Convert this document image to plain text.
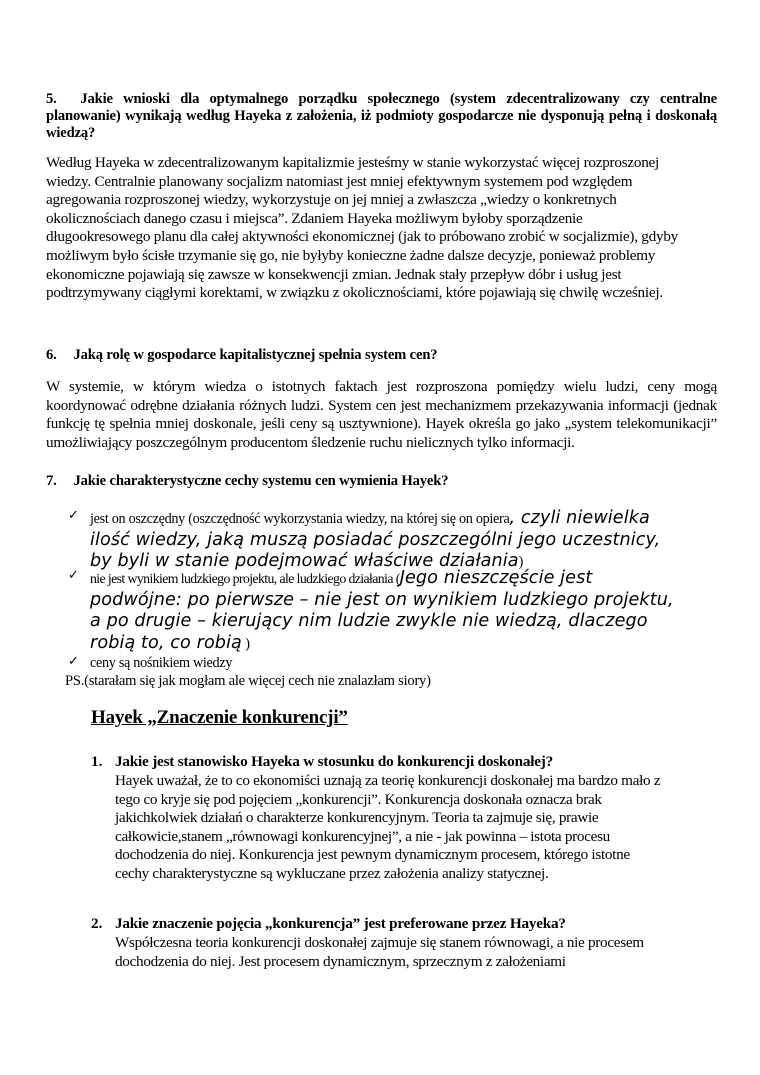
5. Jakie wnioski dla optymalnego porządku społecznego (system zdecentralizowany czy centralne planowanie) wynikają według Hayeka z założenia, iż podmioty gospodarcze nie dysponują pełną i doskonałą wiedzą?
Według Hayeka w zdecentralizowanym kapitalizmie jesteśmy w stanie wykorzystać więcej rozproszonej wiedzy. Centralnie planowany socjalizm natomiast jest mniej efektywnym systemem pod względem agregowania rozproszonej wiedzy, wykorzystuje on jej mniej a zwłaszcza „wiedzy o konkretnych okolicznościach danego czasu i miejsca”. Zdaniem Hayeka możliwym byłoby sporządzenie długookresowego planu dla całej aktywności ekonomicznej (jak to próbowano zrobić w socjalizmie), gdyby możliwym było ścisłe trzymanie się go, nie byłyby konieczne żadne dalsze decyzje, ponieważ problemy ekonomiczne pojawiają się zawsze w konsekwencji zmian. Jednak stały przepływ dóbr i usług jest podtrzymywany ciągłymi korektami, w związku z okolicznościami, które pojawiają się chwilę wcześniej.
6. Jaką rolę w gospodarce kapitalistycznej spełnia system cen?
W systemie, w którym wiedza o istotnych faktach jest rozproszona pomiędzy wielu ludzi, ceny mogą koordynować odrębne działania różnych ludzi. System cen jest mechanizmem przekazywania informacji (jednak funkcję tę spełnia mniej doskonale, jeśli ceny są usztywnione). Hayek określa go jako „system telekomunikacji” umożliwiający poszczególnym producentom śledzenie ruchu nielicznych tylko informacji.
7. Jakie charakterystyczne cechy systemu cen wymienia Hayek?
✓ jest on oszczędny (oszczędność wykorzystania wiedzy, na której się on opiera, czyli niewielka ilość wiedzy, jaką muszą posiadać poszczególni jego uczestnicy, by byli w stanie podejmować właściwe działania)
✓ nie jest wynikiem ludzkiego projektu, ale ludzkiego działania (Jego nieszczęście jest podwójne: po pierwsze – nie jest on wynikiem ludzkiego projektu, a po drugie – kierujący nim ludzie zwykle nie wiedzą, dlaczego robią to, co robią )
✓ ceny są nośnikiem wiedzy
PS.(starałam się jak mogłam ale więcej cech nie znalazłam siory)
Hayek „Znaczenie konkurencji”
1. Jakie jest stanowisko Hayeka w stosunku do konkurencji doskonałej?
Hayek uważał, że to co ekonomiści uznają za teorię konkurencji doskonałej ma bardzo mało z tego co kryje się pod pojęciem „konkurencji”. Konkurencja doskonała oznacza brak jakichkolwiek działań o charakterze konkurencyjnym. Teoria ta zajmuje się, prawie całkowicie,stanem „równowagi konkurencyjnej”, a nie - jak powinna – istota procesu dochodzenia do niej. Konkurencja jest pewnym dynamicznym procesem, którego istotne cechy charakterystyczne są wykluczane przez założenia analizy statycznej.
2. Jakie znaczenie pojęcia „konkurencja” jest preferowane przez Hayeka?
Współczesna teoria konkurencji doskonałej zajmuje się stanem równowagi, a nie procesem dochodzenia do niej. Jest procesem dynamicznym, sprzecznym z założeniami
